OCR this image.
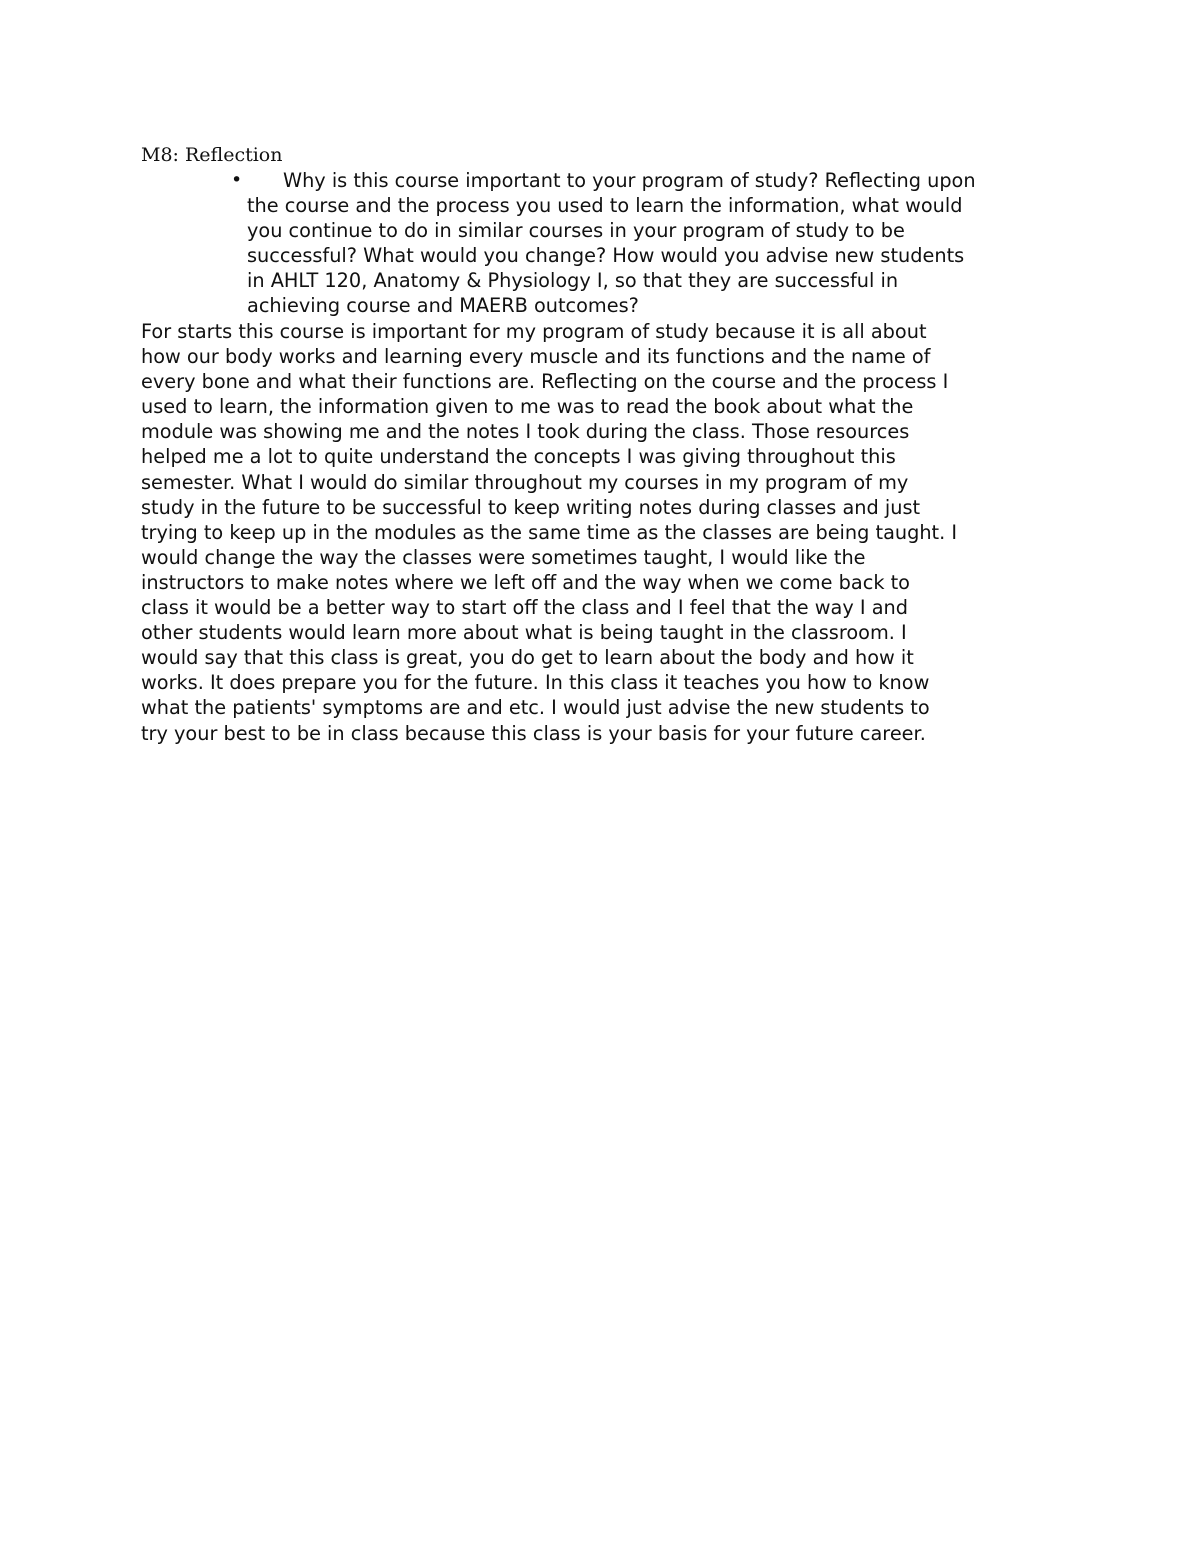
M8: Reflection
• Why is this course important to your program of study? Reflecting upon
the course and the process you used to learn the information, what would
you continue to do in similar courses in your program of study to be
successful? What would you change? How would you advise new students
in AHLT 120, Anatomy & Physiology I, so that they are successful in
achieving course and MAERB outcomes?
For starts this course is important for my program of study because it is all about
how our body works and learning every muscle and its functions and the name of
every bone and what their functions are. Reflecting on the course and the process I
used to learn, the information given to me was to read the book about what the
module was showing me and the notes I took during the class. Those resources
helped me a lot to quite understand the concepts I was giving throughout this
semester. What I would do similar throughout my courses in my program of my
study in the future to be successful to keep writing notes during classes and just
trying to keep up in the modules as the same time as the classes are being taught. I
would change the way the classes were sometimes taught, I would like the
instructors to make notes where we left off and the way when we come back to
class it would be a better way to start off the class and I feel that the way I and
other students would learn more about what is being taught in the classroom. I
would say that this class is great, you do get to learn about the body and how it
works. It does prepare you for the future. In this class it teaches you how to know
what the patients' symptoms are and etc. I would just advise the new students to
try your best to be in class because this class is your basis for your future career.
